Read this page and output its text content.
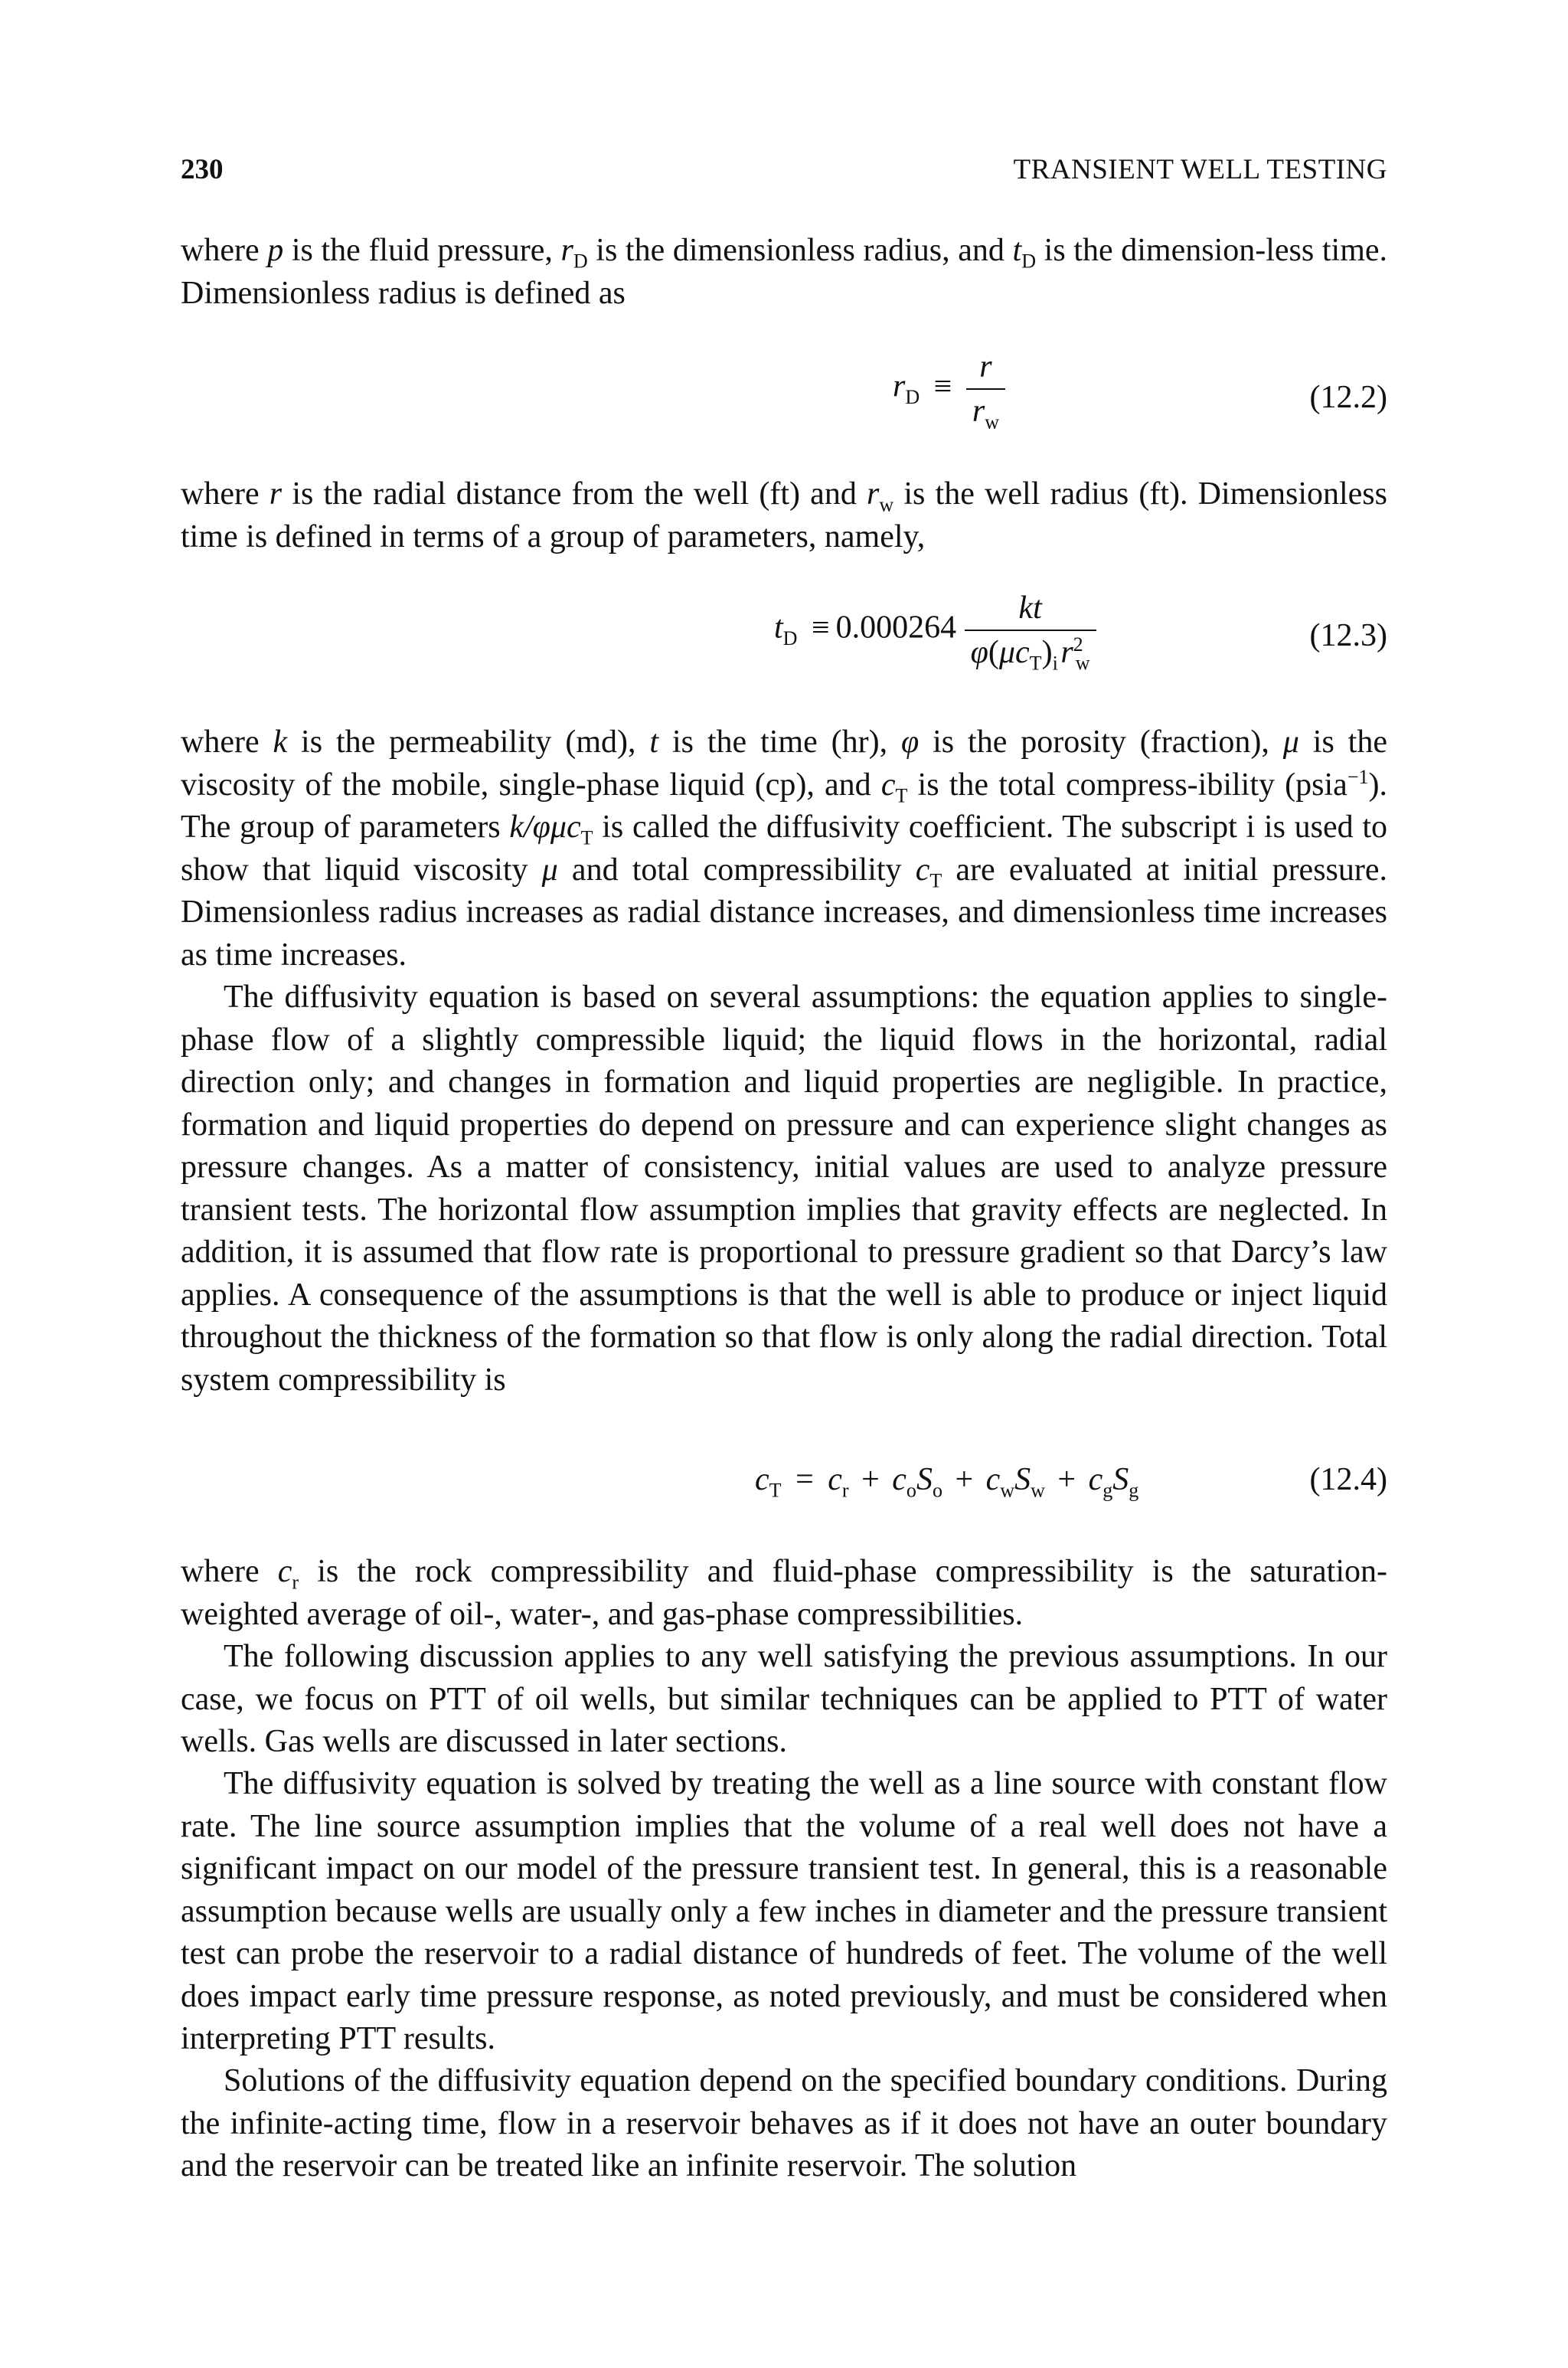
230	TRANSIENT WELL TESTING

where p is the fluid pressure, $r_D$ is the dimensionless radius, and $t_D$ is the dimension-less time. Dimensionless radius is defined as

$r_D \equiv \frac{r}{r_w}$	(12.2)

where r is the radial distance from the well (ft) and $r_w$ is the well radius (ft). Dimensionless time is defined in terms of a group of parameters, namely,

$t_D \equiv 0.000264 \frac{kt}{\varphi(\mu c_T)_i r^2_w}$	(12.3)

where k is the permeability (md), t is the time (hr), φ is the porosity (fraction), μ is the viscosity of the mobile, single-phase liquid (cp), and $c_T$ is the total compress-ibility (psia$^{-1}$). The group of parameters k/φμc$_T$ is called the diffusivity coefficient. The subscript i is used to show that liquid viscosity μ and total compressibility $c_T$ are evaluated at initial pressure. Dimensionless radius increases as radial distance increases, and dimensionless time increases as time increases.

The diffusivity equation is based on several assumptions: the equation applies to single-phase flow of a slightly compressible liquid; the liquid flows in the horizontal, radial direction only; and changes in formation and liquid properties are negligible. In practice, formation and liquid properties do depend on pressure and can experience slight changes as pressure changes. As a matter of consistency, initial values are used to analyze pressure transient tests. The horizontal flow assumption implies that gravity effects are neglected. In addition, it is assumed that flow rate is proportional to pressure gradient so that Darcy’s law applies. A consequence of the assumptions is that the well is able to produce or inject liquid throughout the thickness of the formation so that flow is only along the radial direction. Total system compressibility is

$c_T = c_r + c_oS_o + c_wS_w + c_gS_g$	(12.4)

where $c_r$ is the rock compressibility and fluid-phase compressibility is the saturation-weighted average of oil-, water-, and gas-phase compressibilities.

The following discussion applies to any well satisfying the previous assumptions. In our case, we focus on PTT of oil wells, but similar techniques can be applied to PTT of water wells. Gas wells are discussed in later sections.

The diffusivity equation is solved by treating the well as a line source with constant flow rate. The line source assumption implies that the volume of a real well does not have a significant impact on our model of the pressure transient test. In general, this is a reasonable assumption because wells are usually only a few inches in diameter and the pressure transient test can probe the reservoir to a radial distance of hundreds of feet. The volume of the well does impact early time pressure response, as noted previously, and must be considered when interpreting PTT results.

Solutions of the diffusivity equation depend on the specified boundary conditions. During the infinite-acting time, flow in a reservoir behaves as if it does not have an outer boundary and the reservoir can be treated like an infinite reservoir. The solution
